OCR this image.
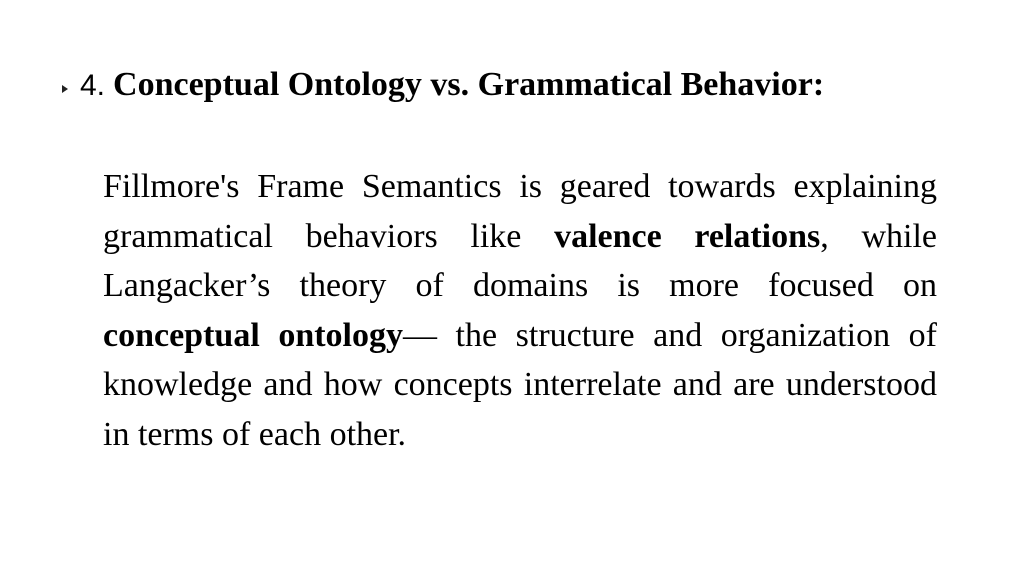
4. Conceptual Ontology vs. Grammatical Behavior:

Fillmore's Frame Semantics is geared towards explaining grammatical behaviors like valence relations, while Langacker’s theory of domains is more focused on conceptual ontology— the structure and organization of knowledge and how concepts interrelate and are understood in terms of each other.
